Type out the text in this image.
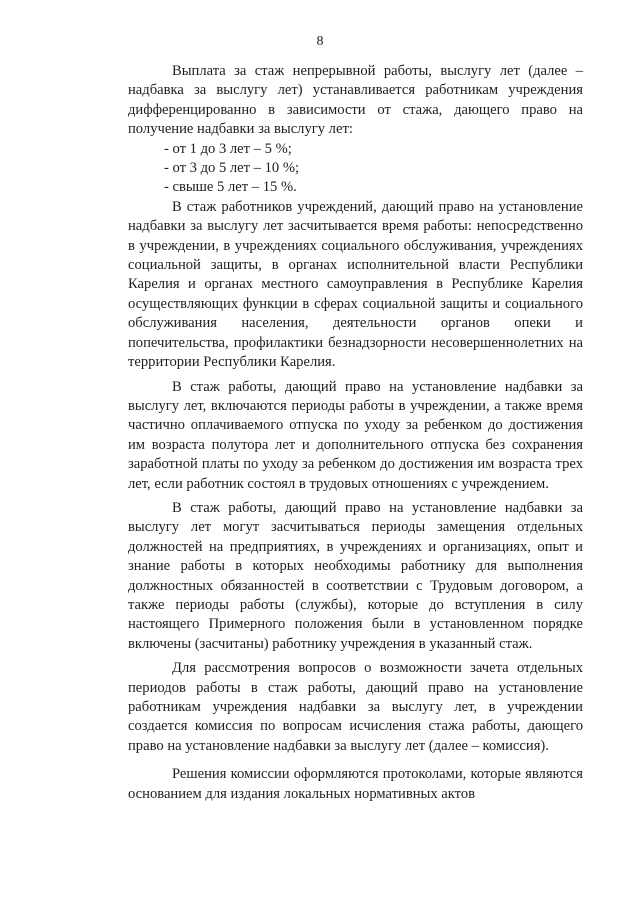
8

Выплата за стаж непрерывной работы, выслугу лет (далее – надбавка за выслугу лет) устанавливается работникам учреждения дифференцированно в зависимости от стажа, дающего право на получение надбавки за выслугу лет:

- от 1 до 3 лет – 5 %;
- от 3 до 5 лет – 10 %;
- свыше 5 лет – 15 %.

В стаж работников учреждений, дающий право на установление надбавки за выслугу лет засчитывается время работы: непосредственно в учреждении, в учреждениях социального обслуживания, учреждениях социальной защиты, в органах исполнительной власти Республики Карелия и органах местного самоуправления в Республике Карелия осуществляющих функции в сферах социальной защиты и социального обслуживания населения, деятельности органов опеки и попечительства, профилактики безнадзорности несовершеннолетних на территории Республики Карелия.

В стаж работы, дающий право на установление надбавки за выслугу лет, включаются периоды работы в учреждении, а также время частично оплачиваемого отпуска по уходу за ребенком до достижения им возраста полутора лет и дополнительного отпуска без сохранения заработной платы по уходу за ребенком до достижения им возраста трех лет, если работник состоял в трудовых отношениях с учреждением.

В стаж работы, дающий право на установление надбавки за выслугу лет могут засчитываться периоды замещения отдельных должностей на предприятиях, в учреждениях и организациях, опыт и знание работы в которых необходимы работнику для выполнения должностных обязанностей в соответствии с Трудовым договором, а также периоды работы (службы), которые до вступления в силу настоящего Примерного положения были в установленном порядке включены (засчитаны) работнику учреждения в указанный стаж.

Для рассмотрения вопросов о возможности зачета отдельных периодов работы в стаж работы, дающий право на установление работникам учреждения надбавки за выслугу лет, в учреждении создается комиссия по вопросам исчисления стажа работы, дающего право на установление надбавки за выслугу лет (далее – комиссия).

Решения комиссии оформляются протоколами, которые являются основанием для издания локальных нормативных актов
